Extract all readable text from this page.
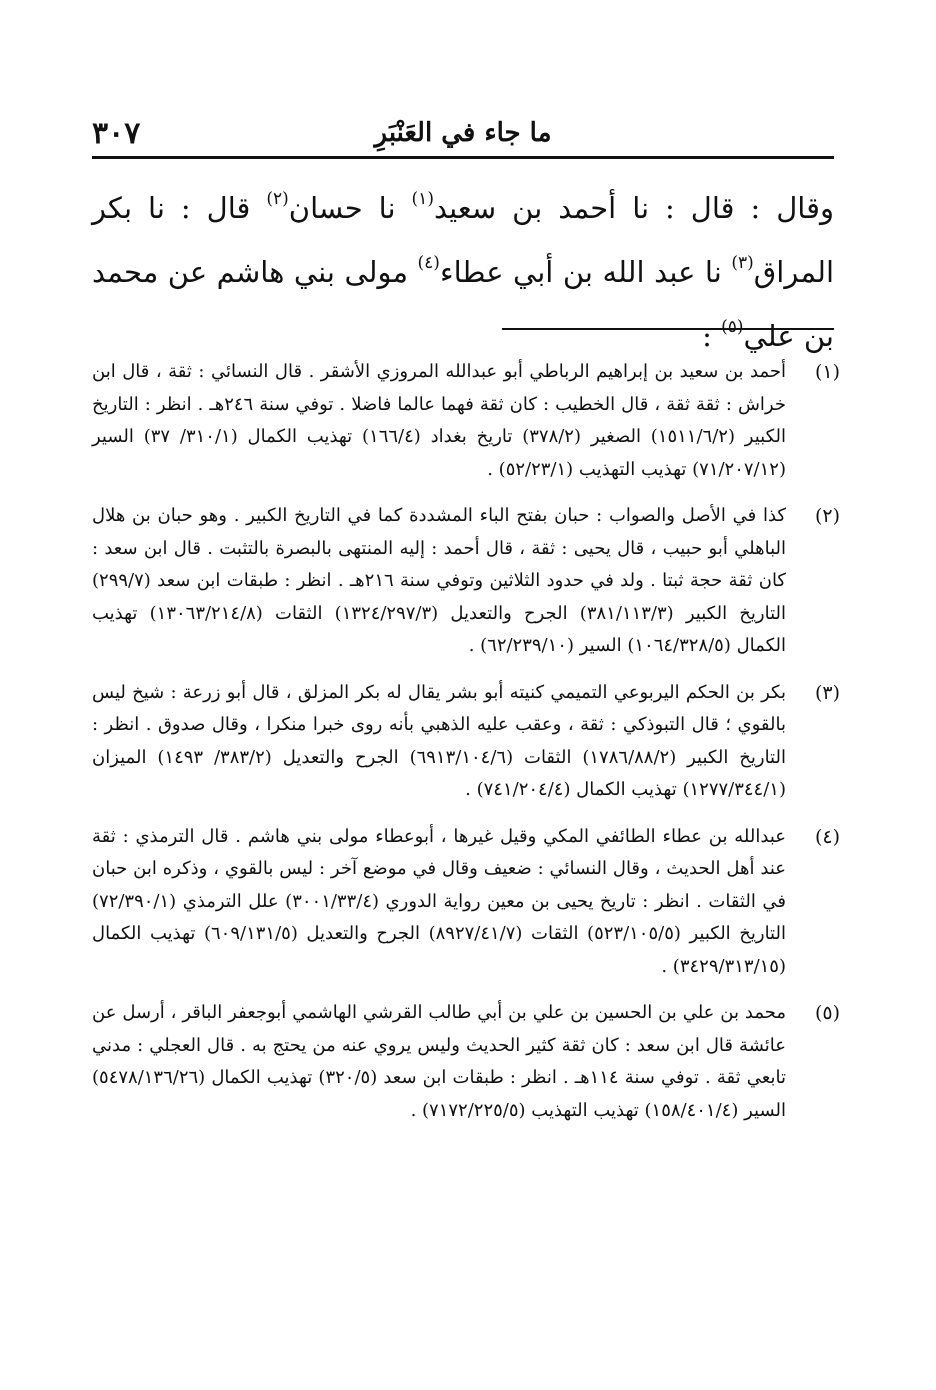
٣٠٧	ما جاء في العَنْبَرِ
وقال : قال : نا أحمد بن سعيد$^{(١)}$ نا حسان$^{(٢)}$ قال : نا بكر المراق$^{(٣)}$ نا عبد الله بن أبي عطاء$^{(٤)}$ مولى بني هاشم عن محمد بن علي$^{(٥)}$ :
(١)
أحمد بن سعيد بن إبراهيم الرباطي أبو عبدالله المروزي الأشقر . قال النسائي : ثقة ، قال ابن خراش : ثقة ثقة ، قال الخطيب : كان ثقة فهما عالما فاضلا . توفي سنة ٢٤٦هـ . انظر : التاريخ الكبير (١٥١١/٦/٢) الصغير (٣٧٨/٢) تاريخ بغداد (١٦٦/٤) تهذيب الكمال (٣١٠/١/ ٣٧) السير (٧١/٢٠٧/١٢) تهذيب التهذيب (٥٢/٢٣/١) .
(٢)
كذا في الأصل والصواب : حبان بفتح الباء المشددة كما في التاريخ الكبير . وهو حبان بن هلال الباهلي أبو حبيب ، قال يحيى : ثقة ، قال أحمد : إليه المنتهى بالبصرة بالتثبت . قال ابن سعد : كان ثقة حجة ثبتا . ولد في حدود الثلاثين وتوفي سنة ٢١٦هـ . انظر : طبقات ابن سعد (٢٩٩/٧) التاريخ الكبير (٣٨١/١١٣/٣) الجرح والتعديل (١٣٢٤/٢٩٧/٣) الثقات (١٣٠٦٣/٢١٤/٨) تهذيب الكمال (١٠٦٤/٣٢٨/٥) السير (٦٢/٢٣٩/١٠) .
(٣)
بكر بن الحكم اليربوعي التميمي كنيته أبو بشر يقال له بكر المزلق ، قال أبو زرعة : شيخ ليس بالقوي ؛ قال التبوذكي : ثقة ، وعقب عليه الذهبي بأنه روى خبرا منكرا ، وقال صدوق . انظر : التاريخ الكبير (١٧٨٦/٨٨/٢) الثقات (٦٩١٣/١٠٤/٦) الجرح والتعديل (٣٨٣/٢/ ١٤٩٣) الميزان (١٢٧٧/٣٤٤/١) تهذيب الكمال (٧٤١/٢٠٤/٤) .
(٤)
عبدالله بن عطاء الطائفي المكي وقيل غيرها ، أبوعطاء مولى بني هاشم . قال الترمذي : ثقة عند أهل الحديث ، وقال النسائي : ضعيف وقال في موضع آخر : ليس بالقوي ، وذكره ابن حبان في الثقات . انظر : تاريخ يحيى بن معين رواية الدوري (٣٠٠١/٣٣/٤) علل الترمذي (٧٢/٣٩٠/١) التاريخ الكبير (٥٢٣/١٠٥/٥) الثقات (٨٩٢٧/٤١/٧) الجرح والتعديل (٦٠٩/١٣١/٥) تهذيب الكمال (٣٤٢٩/٣١٣/١٥) .
(٥)
محمد بن علي بن الحسين بن علي بن أبي طالب القرشي الهاشمي أبوجعفر الباقر ، أرسل عن عائشة قال ابن سعد : كان ثقة كثير الحديث وليس يروي عنه من يحتج به . قال العجلي : مدني تابعي ثقة . توفي سنة ١١٤هـ . انظر : طبقات ابن سعد (٣٢٠/٥) تهذيب الكمال (٥٤٧٨/١٣٦/٢٦) السير (١٥٨/٤٠١/٤) تهذيب التهذيب (٧١٧٢/٢٢٥/٥) .
